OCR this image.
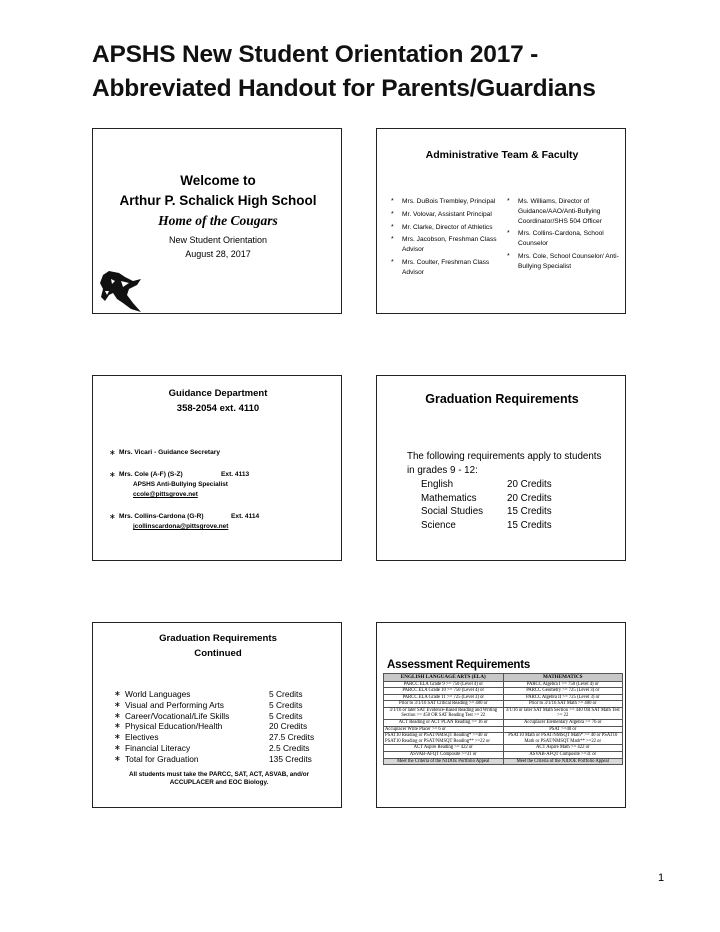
APSHS New Student Orientation 2017 -
Abbreviated Handout for Parents/Guardians
Welcome to
Arthur P. Schalick High School
Home of the Cougars
New Student Orientation
August 28, 2017
Administrative Team & Faculty
* Mrs. DuBois Trembley, Principal
* Mr. Volovar, Assistant Principal
* Mr. Clarke, Director of Athletics
* Mrs. Jacobson, Freshman Class Advisor
* Mrs. Coulter, Freshman Class Advisor
* Ms. Williams, Director of Guidance/AAO/Anti-Bullying Coordinator/SHS 504 Officer
* Mrs. Collins-Cardona, School Counselor
* Mrs. Cole, School Counselor/ Anti-Bullying Specialist
Guidance Department
358-2054 ext. 4110
∗ Mrs. Vicari - Guidance Secretary
∗ Mrs. Cole (A-F) (S-Z)	Ext. 4113
APSHS Anti-Bullying Specialist
ccole@pittsgrove.net
∗ Mrs. Collins-Cardona (G-R)	Ext. 4114
jcollinscardona@pittsgrove.net
Graduation Requirements
The following requirements apply to students in grades 9 - 12:
English	20 Credits
Mathematics	20 Credits
Social Studies	15 Credits
Science	15 Credits
Graduation Requirements
Continued
∗ World Languages	5 Credits
∗ Visual and Performing Arts	5 Credits
∗ Career/Vocational/Life Skills	5 Credits
∗ Physical Education/Health	20 Credits
∗ Electives	27.5 Credits
∗ Financial Literacy	2.5 Credits
∗ Total for Graduation	135 Credits
All students must take the PARCC, SAT, ACT, ASVAB, and/or ACCUPLACER and EOC Biology.
Assessment Requirements
ENGLISH LANGUAGE ARTS (ELA)	MATHEMATICS
PARCC ELA Grade 9 >= 750 (Level 4) or	PARCC Algebra I >= 750 (Level 4) or
PARCC ELA Grade 10 >= 750 (Level 4) or	PARCC Geometry >= 725 (Level 3) or
PARCC ELA Grade 11 >= 725 (Level 3) or	PARCC Algebra II >= 725 (Level 3) or
Prior to 3/1/16 SAT Critical Reading >= 400 or	Prior to 3/1/16 SAT Math >= 400 or
3/1/16 or later SAT Evidence-Based Reading and Writing Section >= 450 OR SAT Reading Test >= 22	3/1/16 or later SAT Math Section >= 440 OR SAT Math Test >= 22
ACT Reading or ACT PLAN Reading >= 16 or	Accuplacer Elementary Algebra >= 76 or
Accuplacer Write Placer >= 6 or	PSAT >=40 or
PSAT10 Reading or PSAT/NMSQT Reading* >=40 or PSAT10 Reading or PSAT/NMSQT Reading** >=22 or	PSAT10 Math or PSAT/NMSQT Math* >= 40 or PSAT10 Math or PSAT/NMSQT Math** >=22 or
ACT Aspire Reading >= 422 or	ACT Aspire Math >= 422 or
ASVAB-AFQT Composite >=31 or	ASVAB-AFQT Composite >=31 or
Meet the Criteria of the NJDOE Portfolio Appeal	Meet the Criteria of the NJDOE Portfolio Appeal
1
